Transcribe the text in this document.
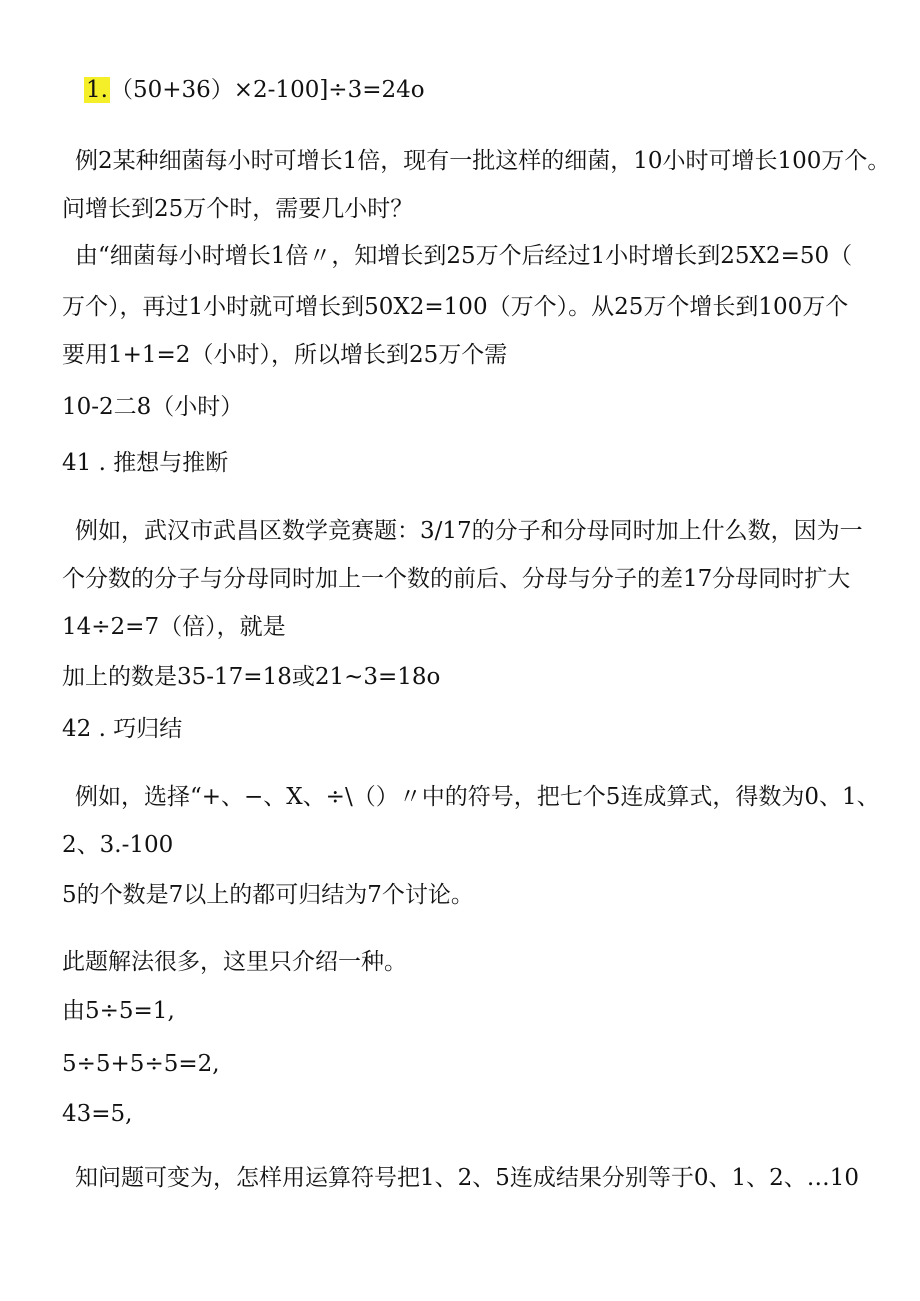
1.（50+36）×2-100]÷3=24o
例2某种细菌每小时可增长1倍，现有一批这样的细菌，10小时可增长100万个。
问增长到25万个时，需要几小时？
由“细菌每小时增长1倍〃，知增长到25万个后经过1小时增长到25X2=50（
万个），再过1小时就可增长到50X2=100（万个）。从25万个增长到100万个
要用1+1=2（小时），所以增长到25万个需
10-2二8（小时）
41 . 推想与推断
例如，武汉市武昌区数学竞赛题：3/17的分子和分母同时加上什么数，因为一
个分数的分子与分母同时加上一个数的前后、分母与分子的差17分母同时扩大
14÷2=7（倍），就是
加上的数是35-17=18或21~3=18o
42 . 巧归结
例如，选择“+、−、X、÷\（）〃中的符号，把七个5连成算式，得数为0、1、
2、3.-100
5的个数是7以上的都可归结为7个讨论。
此题解法很多，这里只介绍一种。
由5÷5=1,
5÷5+5÷5=2,
43=5,
知问题可变为，怎样用运算符号把1、2、5连成结果分别等于0、1、2、…10
